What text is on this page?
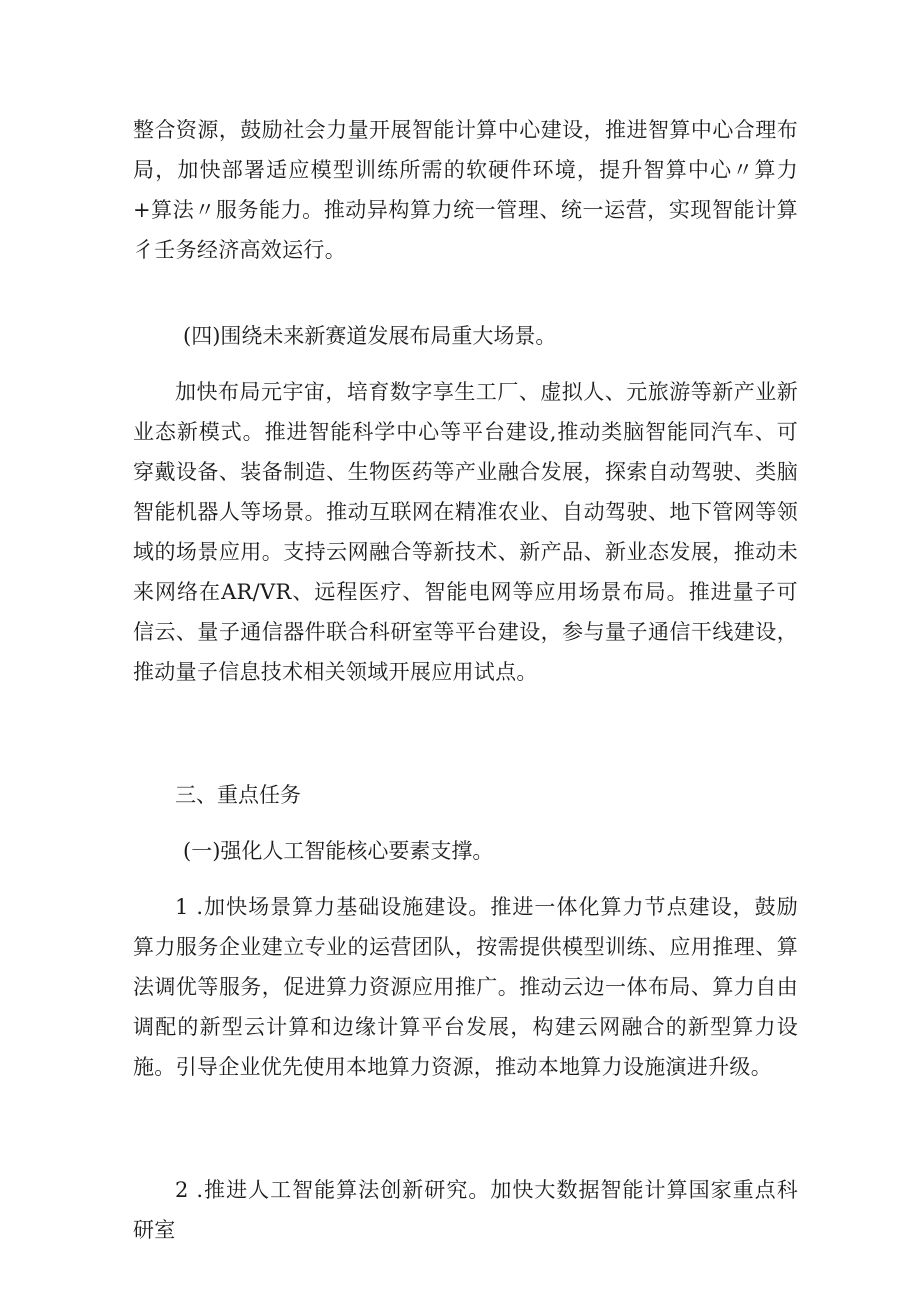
整合资源，鼓励社会力量开展智能计算中心建设，推进智算中心合理布局，加快部署适应模型训练所需的软硬件环境，提升智算中心〃算力+算法〃服务能力。推动异构算力统一管理、统一运营，实现智能计算彳壬务经济高效运行。

(四)围绕未来新赛道发展布局重大场景。

加快布局元宇宙，培育数字享生工厂、虚拟人、元旅游等新产业新业态新模式。推进智能科学中心等平台建设,推动类脑智能同汽车、可穿戴设备、装备制造、生物医药等产业融合发展，探索自动驾驶、类脑智能机器人等场景。推动互联网在精准农业、自动驾驶、地下管网等领域的场景应用。支持云网融合等新技术、新产品、新业态发展，推动未来网络在AR/VR、远程医疗、智能电网等应用场景布局。推进量子可信云、量子通信器件联合科研室等平台建设，参与量子通信干线建设，推动量子信息技术相关领域开展应用试点。

三、重点任务

(一)强化人工智能核心要素支撑。

1 .加快场景算力基础设施建设。推进一体化算力节点建设，鼓励算力服务企业建立专业的运营团队，按需提供模型训练、应用推理、算法调优等服务，促进算力资源应用推广。推动云边一体布局、算力自由调配的新型云计算和边缘计算平台发展，构建云网融合的新型算力设施。引导企业优先使用本地算力资源，推动本地算力设施演进升级。

2 .推进人工智能算法创新研究。加快大数据智能计算国家重点科研室
